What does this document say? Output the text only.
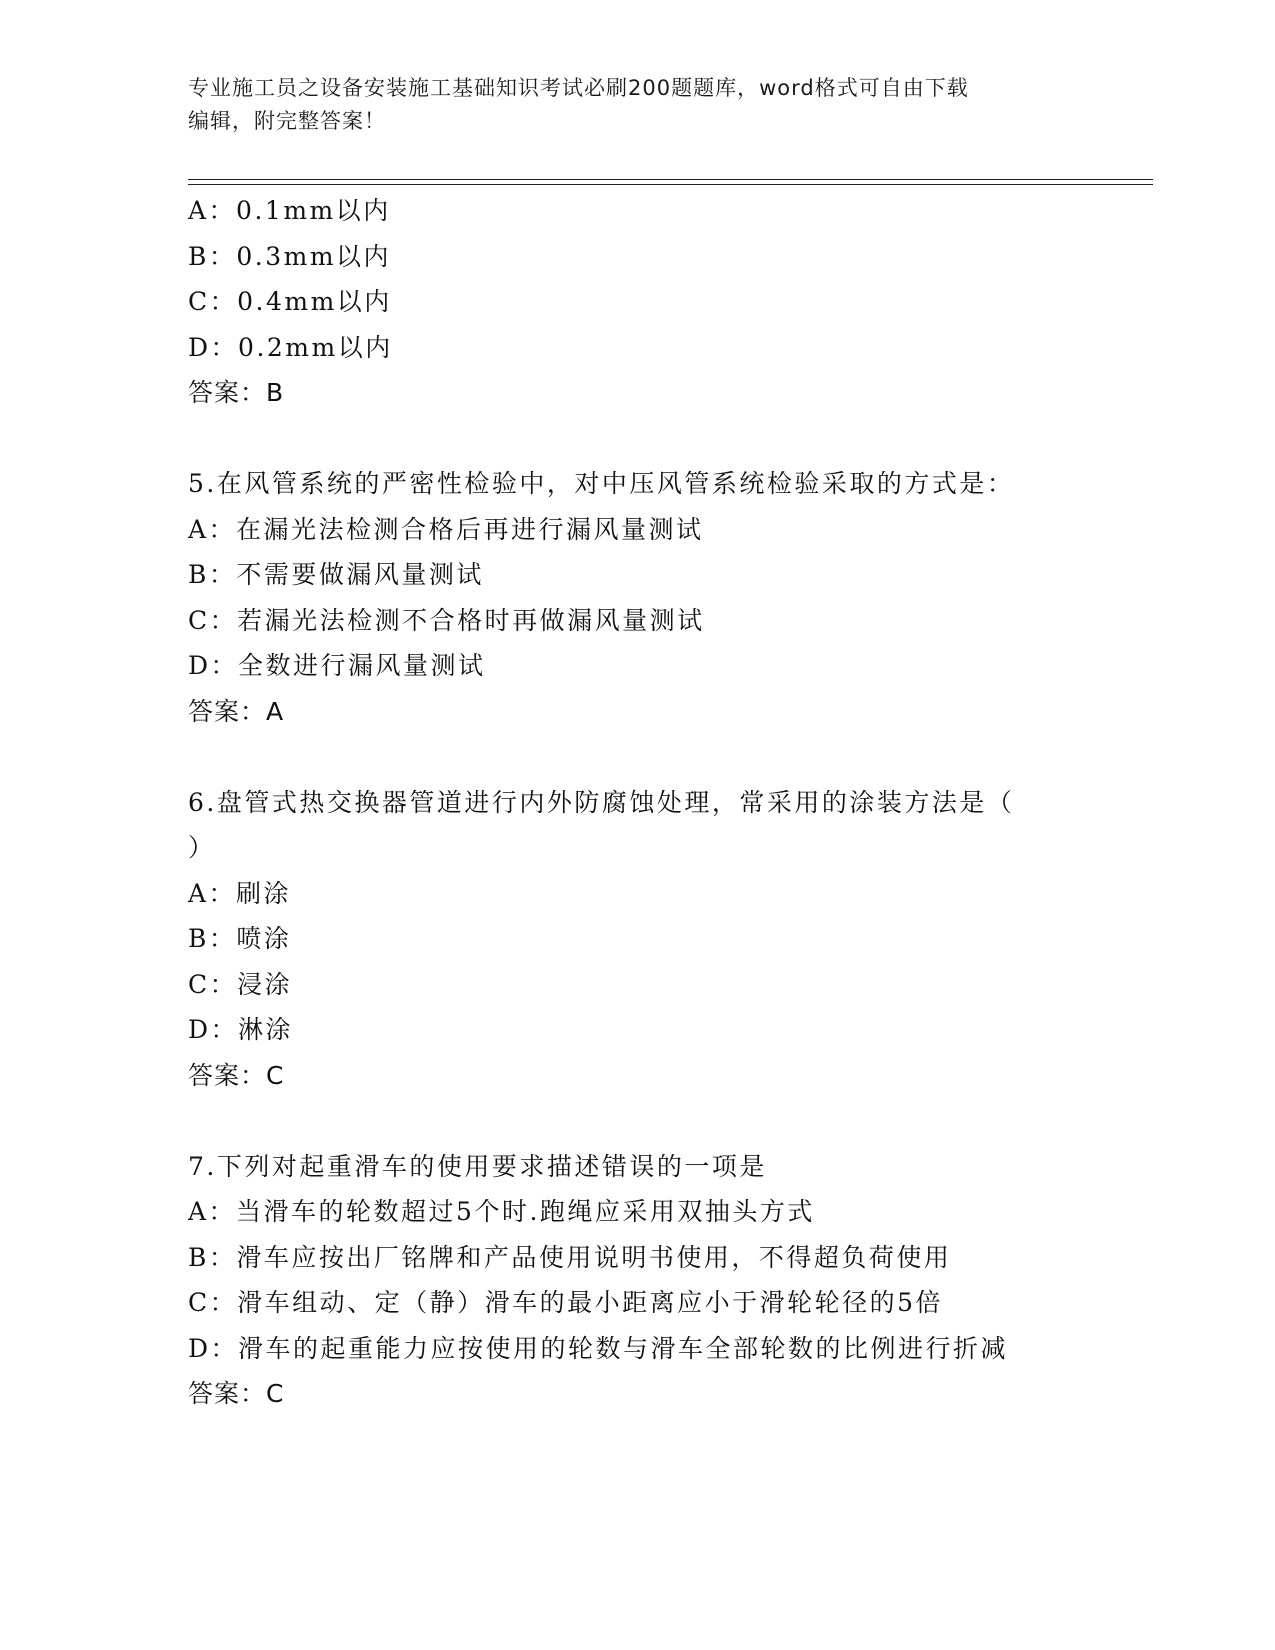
专业施工员之设备安装施工基础知识考试必刷200题题库，word格式可自由下载
编辑，附完整答案！
A：0.1mm以内
B：0.3mm以内
C：0.4mm以内
D：0.2mm以内
答案：B
5.在风管系统的严密性检验中，对中压风管系统检验采取的方式是：
A：在漏光法检测合格后再进行漏风量测试
B：不需要做漏风量测试
C：若漏光法检测不合格时再做漏风量测试
D：全数进行漏风量测试
答案：A
6.盘管式热交换器管道进行内外防腐蚀处理，常采用的涂装方法是（
）
A：刷涂
B：喷涂
C：浸涂
D：淋涂
答案：C
7.下列对起重滑车的使用要求描述错误的一项是
A：当滑车的轮数超过5个时.跑绳应采用双抽头方式
B：滑车应按出厂铭牌和产品使用说明书使用，不得超负荷使用
C：滑车组动、定（静）滑车的最小距离应小于滑轮轮径的5倍
D：滑车的起重能力应按使用的轮数与滑车全部轮数的比例进行折减
答案：C
